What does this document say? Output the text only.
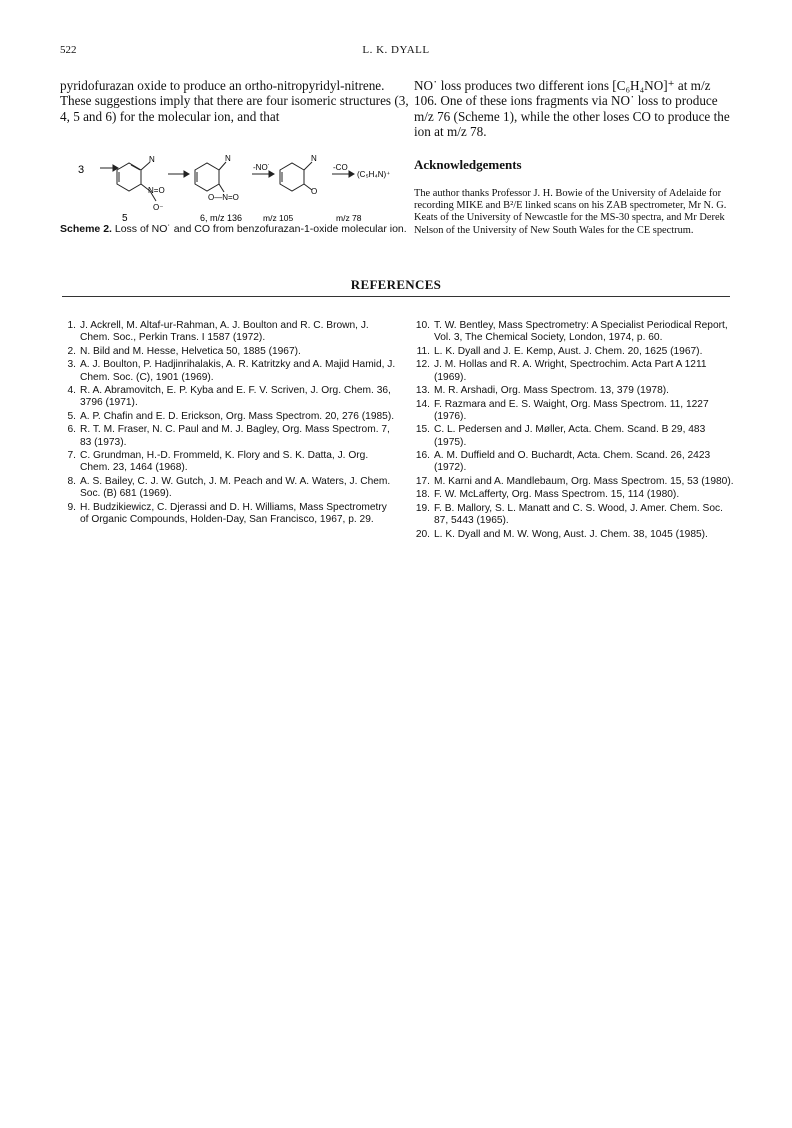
522	L. K. DYALL

pyridofurazan oxide to produce an ortho-nitropyridyl-nitrene.

These suggestions imply that there are four isomeric structures (3, 4, 5 and 6) for the molecular ion, and that

NO˙ loss produces two different ions [C₆H₄NO]⁺ at m/z 106. One of these ions fragments via NO˙ loss to produce m/z 76 (Scheme 1), while the other loses CO to produce the ion at m/z 78.

3
N
N=O
O⁻
N
O—N=O
N
O
-NO˙	-CO
(C₅H₄N)⁺
5	6, m/z 136 m/z 105	m/z 78
Scheme 2. Loss of NO˙ and CO from benzofurazan-1-oxide molecular ion.
Acknowledgements
The author thanks Professor J. H. Bowie of the University of Adelaide for recording MIKE and B²/E linked scans on his ZAB spectrometer, Mr N. G. Keats of the University of Newcastle for the MS-30 spectra, and Mr Derek Nelson of the University of New South Wales for the CE spectrum.
REFERENCES
1. J. Ackrell, M. Altaf-ur-Rahman, A. J. Boulton and R. C. Brown, J. Chem. Soc., Perkin Trans. I 1587 (1972).
2. N. Bild and M. Hesse, Helvetica 50, 1885 (1967).
3. A. J. Boulton, P. Hadjinrihalakis, A. R. Katritzky and A. Majid Hamid, J. Chem. Soc. (C), 1901 (1969).
4. R. A. Abramovitch, E. P. Kyba and E. F. V. Scriven, J. Org. Chem. 36, 3796 (1971).
5. A. P. Chafin and E. D. Erickson, Org. Mass Spectrom. 20, 276 (1985).
6. R. T. M. Fraser, N. C. Paul and M. J. Bagley, Org. Mass Spectrom. 7, 83 (1973).
7. C. Grundman, H.-D. Frommeld, K. Flory and S. K. Datta, J. Org. Chem. 23, 1464 (1968).
8. A. S. Bailey, C. J. W. Gutch, J. M. Peach and W. A. Waters, J. Chem. Soc. (B) 681 (1969).
9. H. Budzikiewicz, C. Djerassi and D. H. Williams, Mass Spectrometry of Organic Compounds, Holden-Day, San Francisco, 1967, p. 29.
10. T. W. Bentley, Mass Spectrometry: A Specialist Periodical Report, Vol. 3, The Chemical Society, London, 1974, p. 60.
11. L. K. Dyall and J. E. Kemp, Aust. J. Chem. 20, 1625 (1967).
12. J. M. Hollas and R. A. Wright, Spectrochim. Acta Part A 1211 (1969).
13. M. R. Arshadi, Org. Mass Spectrom. 13, 379 (1978).
14. F. Razmara and E. S. Waight, Org. Mass Spectrom. 11, 1227 (1976).
15. C. L. Pedersen and J. Møller, Acta. Chem. Scand. B 29, 483 (1975).
16. A. M. Duffield and O. Buchardt, Acta. Chem. Scand. 26, 2423 (1972).
17. M. Karni and A. Mandlebaum, Org. Mass Spectrom. 15, 53 (1980).
18. F. W. McLafferty, Org. Mass Spectrom. 15, 114 (1980).
19. F. B. Mallory, S. L. Manatt and C. S. Wood, J. Amer. Chem. Soc. 87, 5443 (1965).
20. L. K. Dyall and M. W. Wong, Aust. J. Chem. 38, 1045 (1985).
